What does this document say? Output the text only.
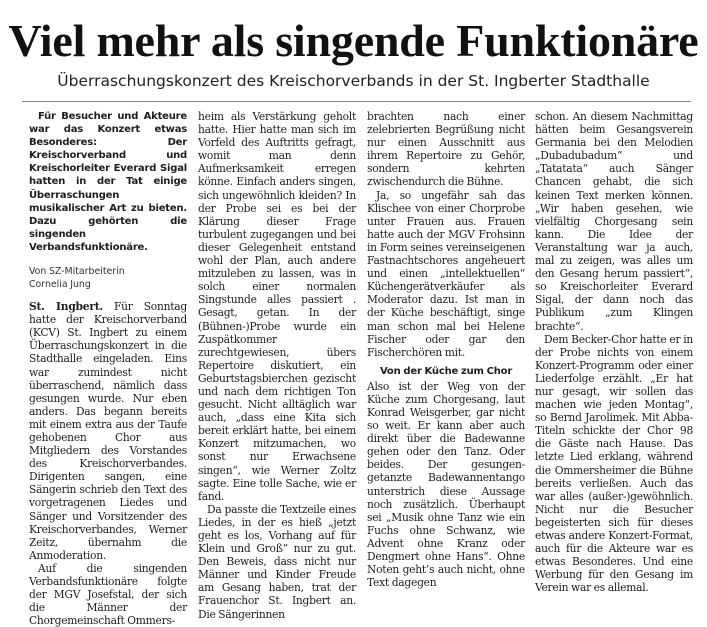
Viel mehr als singende Funktionäre
Überraschungskonzert des Kreischorverbands in der St. Ingberter Stadthalle

Für Besucher und Akteure war das Konzert etwas Besonderes: Der Kreischorverband und Kreischorleiter Everard Sigal hatten in der Tat einige Überraschungen musikalischer Art zu bieten. Dazu gehörten die singenden Verbandsfunktionäre.

Von SZ-Mitarbeiterin
Cornelia Jung

St. Ingbert. Für Sonntag hatte der Kreischorverband (KCV) St. Ingbert zu einem Überraschungskonzert in die Stadthalle eingeladen. Eins war zumindest nicht überraschend, nämlich dass gesungen wurde. Nur eben anders. Das begann bereits mit einem extra aus der Taufe gehobenen Chor aus Mitgliedern des Vorstandes des Kreischorverbandes. Dirigenten sangen, eine Sängerin schrieb den Text des vorgetragenen Liedes und Sänger und Vorsitzender des Kreischorverbandes, Werner Zeitz, übernahm die Anmoderation.

Auf die singenden Verbandsfunktionäre folgte der MGV Josefstal, der sich die Männer der Chorgemeinschaft Ommers-

heim als Verstärkung geholt hatte. Hier hatte man sich im Vorfeld des Auftritts gefragt, womit man denn Aufmerksamkeit erregen könne. Einfach anders singen, sich ungewöhnlich kleiden? In der Probe sei es bei der Klärung dieser Frage turbulent zugegangen und bei dieser Gelegenheit entstand wohl der Plan, auch andere mitzuleben zu lassen, was in solch einer normalen Singstunde alles passiert . Gesagt, getan. In der (Bühnen-)Probe wurde ein Zuspätkommer zurechtgewiesen, übers Repertoire diskutiert, ein Geburtstagsbierchen gezischt und nach dem richtigen Ton gesucht. Nicht alltäglich war auch, „dass eine Kita sich bereit erklärt hatte, bei einem Konzert mitzumachen, wo sonst nur Erwachsene singen“, wie Werner Zoltz sagte. Eine tolle Sache, wie er fand.

Da passte die Textzeile eines Liedes, in der es hieß „jetzt geht es los, Vorhang auf für Klein und Groß“ nur zu gut. Den Beweis, dass nicht nur Männer und Kinder Freude am Gesang haben, trat der Frauenchor St. Ingbert an. Die Sängerinnen

brachten nach einer zelebrierten Begrüßung nicht nur einen Ausschnitt aus ihrem Repertoire zu Gehör, sondern kehrten zwischendurch die Bühne.

Ja, so ungefähr sah das Klischee von einer Chorprobe unter Frauen aus. Frauen hatte auch der MGV Frohsinn in Form seines vereinseigenen Fastnachtschores angeheuert und einen „intellektuellen“ Küchengerätverkäufer als Moderator dazu. Ist man in der Küche beschäftigt, singe man schon mal bei Helene Fischer oder gar den Fischerchören mit.

Von der Küche zum Chor

Also ist der Weg von der Küche zum Chorgesang, laut Konrad Weisgerber, gar nicht so weit. Er kann aber auch direkt über die Badewanne gehen oder den Tanz. Oder beides. Der gesungen-getanzte Badewannentango unterstrich diese Aussage noch zusätzlich. Überhaupt sei „Musik ohne Tanz wie ein Fuchs ohne Schwanz, wie Advent ohne Kranz oder Dengmert ohne Hans“. Ohne Noten geht’s auch nicht, ohne Text dagegen

schon. An diesem Nachmittag hätten beim Gesangsverein Germania bei den Melodien „Dubadubadum“ und „Tatatata“ auch Sänger Chancen gehabt, die sich keinen Text merken können. „Wir haben gesehen, wie vielfältig Chorgesang sein kann. Die Idee der Veranstaltung war ja auch, mal zu zeigen, was alles um den Gesang herum passiert“, so Kreischorleiter Everard Sigal, der dann noch das Publikum „zum Klingen brachte“.

Dem Becker-Chor hatte er in der Probe nichts von einem Konzert-Programm oder einer Liederfolge erzählt. „Er hat nur gesagt, wir sollen das machen wie jeden Montag“, so Bernd Jarolimek. Mit Abba-Titeln schickte der Chor 98 die Gäste nach Hause. Das letzte Lied erklang, während die Ommersheimer die Bühne bereits verließen. Auch das war alles (außer-)gewöhnlich. Nicht nur die Besucher begeisterten sich für dieses etwas andere Konzert-Format, auch für die Akteure war es etwas Besonderes. Und eine Werbung für den Gesang im Verein war es allemal.
